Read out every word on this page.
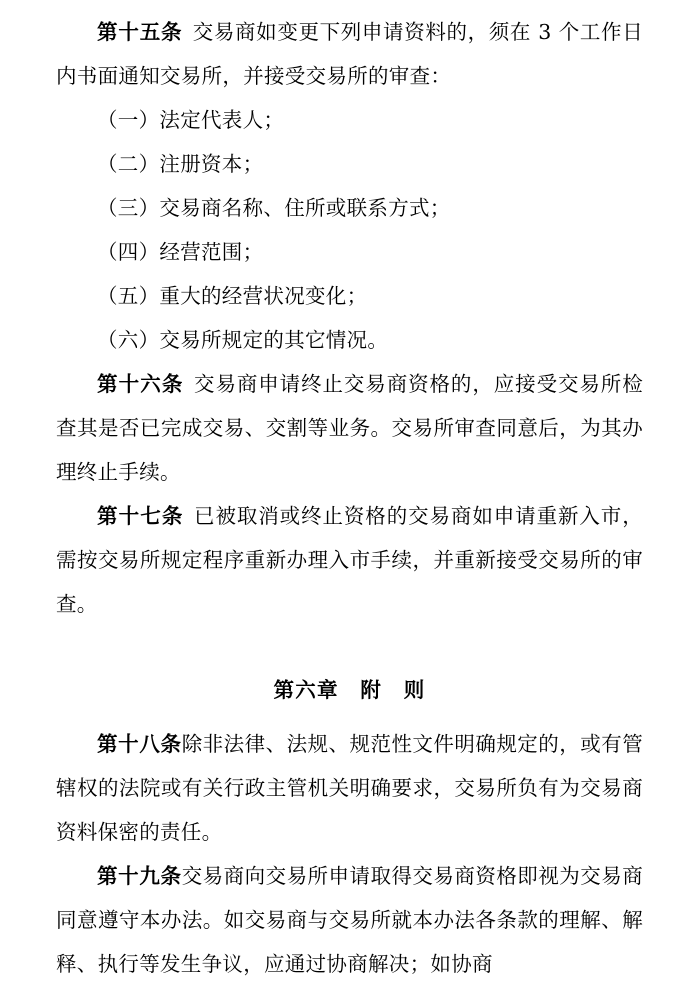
第十五条 交易商如变更下列申请资料的，须在 3 个工作日内书面通知交易所，并接受交易所的审查：

（一）法定代表人；

（二）注册资本；

（三）交易商名称、住所或联系方式；

（四）经营范围；

（五）重大的经营状况变化；

（六）交易所规定的其它情况。

第十六条 交易商申请终止交易商资格的，应接受交易所检查其是否已完成交易、交割等业务。交易所审查同意后，为其办理终止手续。

第十七条 已被取消或终止资格的交易商如申请重新入市，需按交易所规定程序重新办理入市手续，并重新接受交易所的审查。

第六章　附　则

第十八条除非法律、法规、规范性文件明确规定的，或有管辖权的法院或有关行政主管机关明确要求，交易所负有为交易商资料保密的责任。

第十九条交易商向交易所申请取得交易商资格即视为交易商同意遵守本办法。如交易商与交易所就本办法各条款的理解、解释、执行等发生争议，应通过协商解决；如协商
